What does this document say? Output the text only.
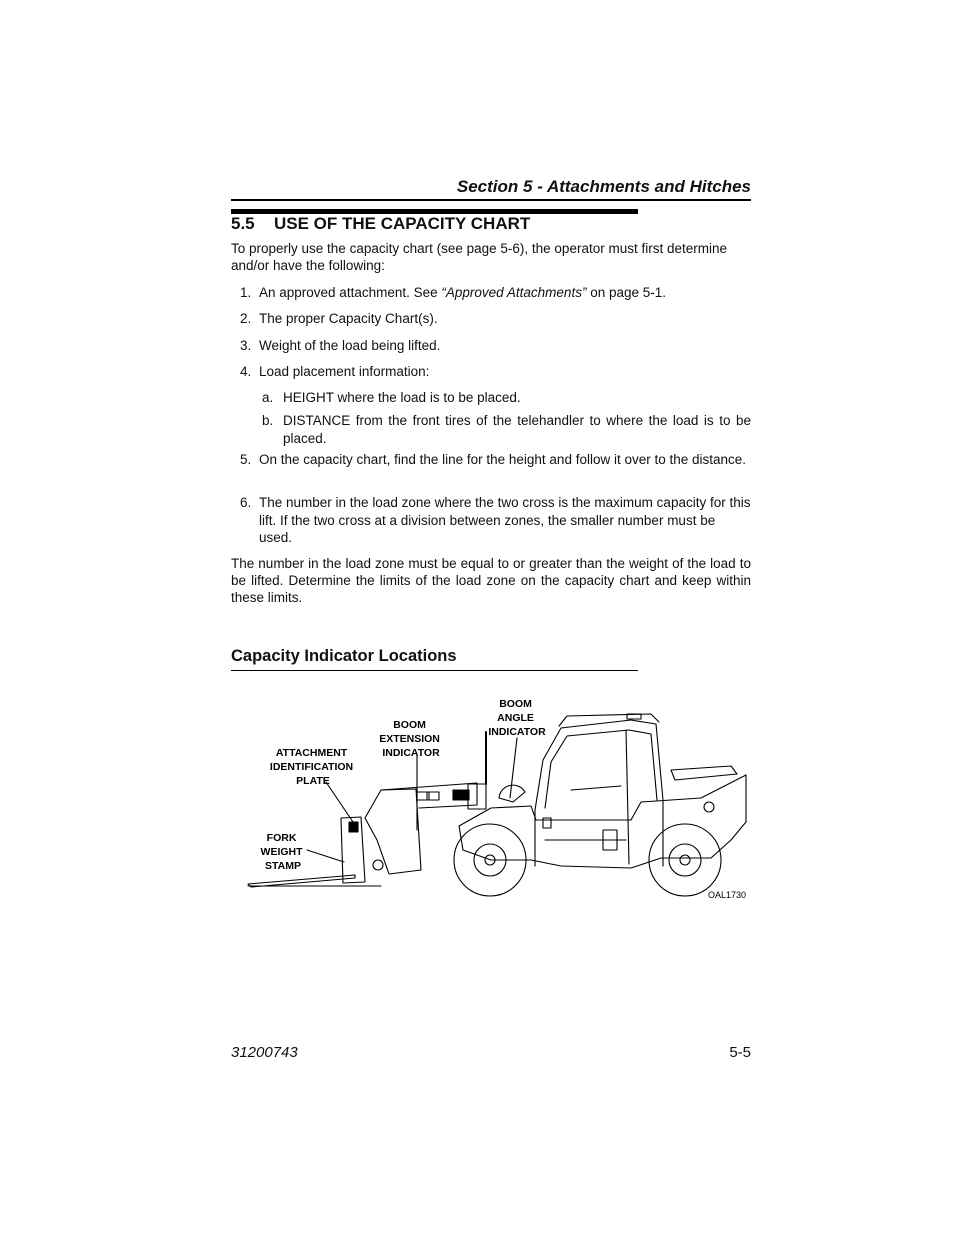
Section 5 - Attachments and Hitches
5.5 USE OF THE CAPACITY CHART
To properly use the capacity chart (see page 5-6), the operator must first determine and/or have the following:
1. An approved attachment. See “Approved Attachments” on page 5-1.
2. The proper Capacity Chart(s).
3. Weight of the load being lifted.
4. Load placement information:
a. HEIGHT where the load is to be placed.
b. DISTANCE from the front tires of the telehandler to where the load is to be placed.
5. On the capacity chart, find the line for the height and follow it over to the distance.
6. The number in the load zone where the two cross is the maximum capacity for this lift. If the two cross at a division between zones, the smaller number must be used.
The number in the load zone must be equal to or greater than the weight of the load to be lifted. Determine the limits of the load zone on the capacity chart and keep within these limits.
Capacity Indicator Locations
BOOM ANGLE INDICATOR
BOOM EXTENSION INDICATOR
ATTACHMENT IDENTIFICATION PLATE
FORK WEIGHT STAMP
OAL1730
31200743	5-5
